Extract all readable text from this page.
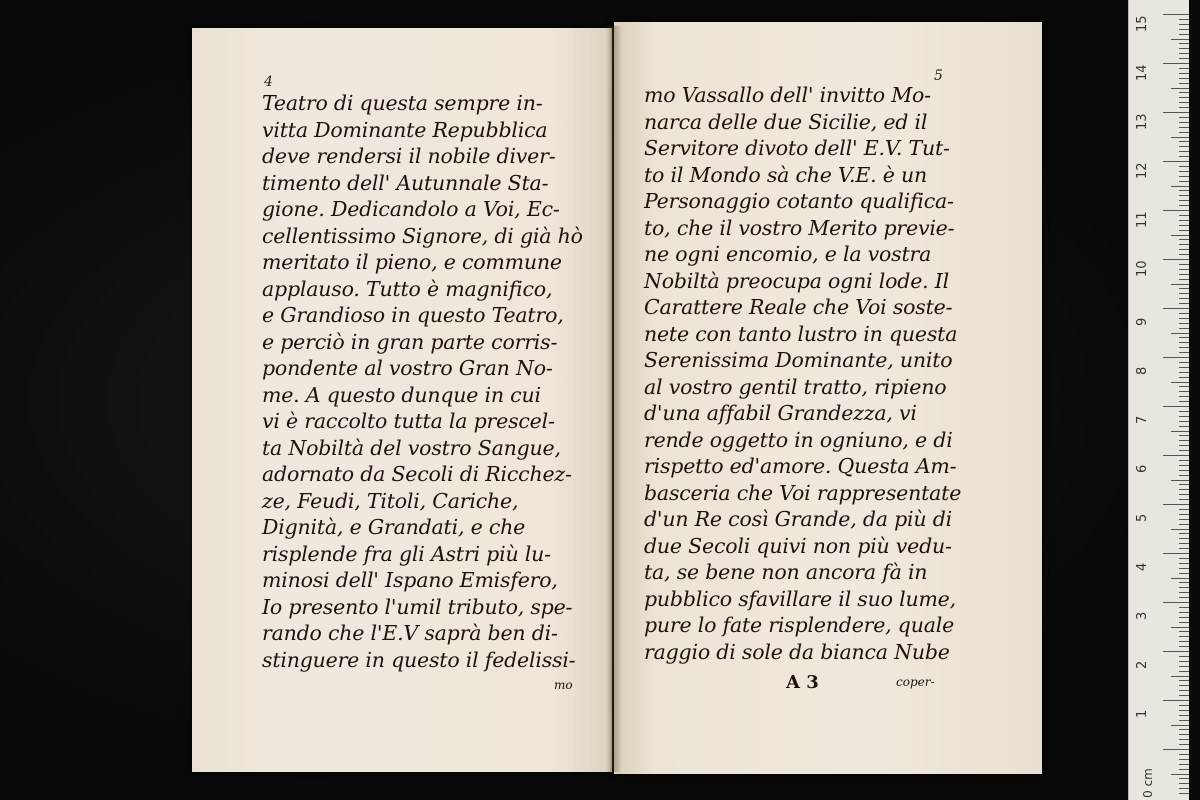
4
Teatro di questa sempre in-
vitta Dominante Repubblica
deve rendersi il nobile diver-
timento dell' Autunnale Sta-
gione. Dedicandolo a Voi, Ec-
cellentissimo Signore, di già hò
meritato il pieno, e commune
applauso. Tutto è magnifico,
e Grandioso in questo Teatro,
e perciò in gran parte corris-
pondente al vostro Gran No-
me. A questo dunque in cui
vi è raccolto tutta la prescel-
ta Nobiltà del vostro Sangue,
adornato da Secoli di Ricchez-
ze, Feudi, Titoli, Cariche,
Dignità, e Grandati, e che
risplende fra gli Astri più lu-
minosi dell' Ispano Emisfero,
Io presento l'umil tributo, spe-
rando che l'E.V saprà ben di-
stinguere in questo il fedelissi-
mo
5
mo Vassallo dell' invitto Mo-
narca delle due Sicilie, ed il
Servitore divoto dell' E.V. Tut-
to il Mondo sà che V.E. è un
Personaggio cotanto qualifica-
to, che il vostro Merito previe-
ne ogni encomio, e la vostra
Nobiltà preocupa ogni lode. Il
Carattere Reale che Voi soste-
nete con tanto lustro in questa
Serenissima Dominante, unito
al vostro gentil tratto, ripieno
d'una affabil Grandezza, vi
rende oggetto in ogniuno, e di
rispetto ed'amore. Questa Am-
basceria che Voi rappresentate
d'un Re così Grande, da più di
due Secoli quivi non più vedu-
ta, se bene non ancora fà in
pubblico sfavillare il suo lume,
pure lo fate risplendere, quale
raggio di sole da bianca Nube
A 3	coper-
0 cm
15
14
13
12
11
10
9
8
7
6
5
4
3
2
1
